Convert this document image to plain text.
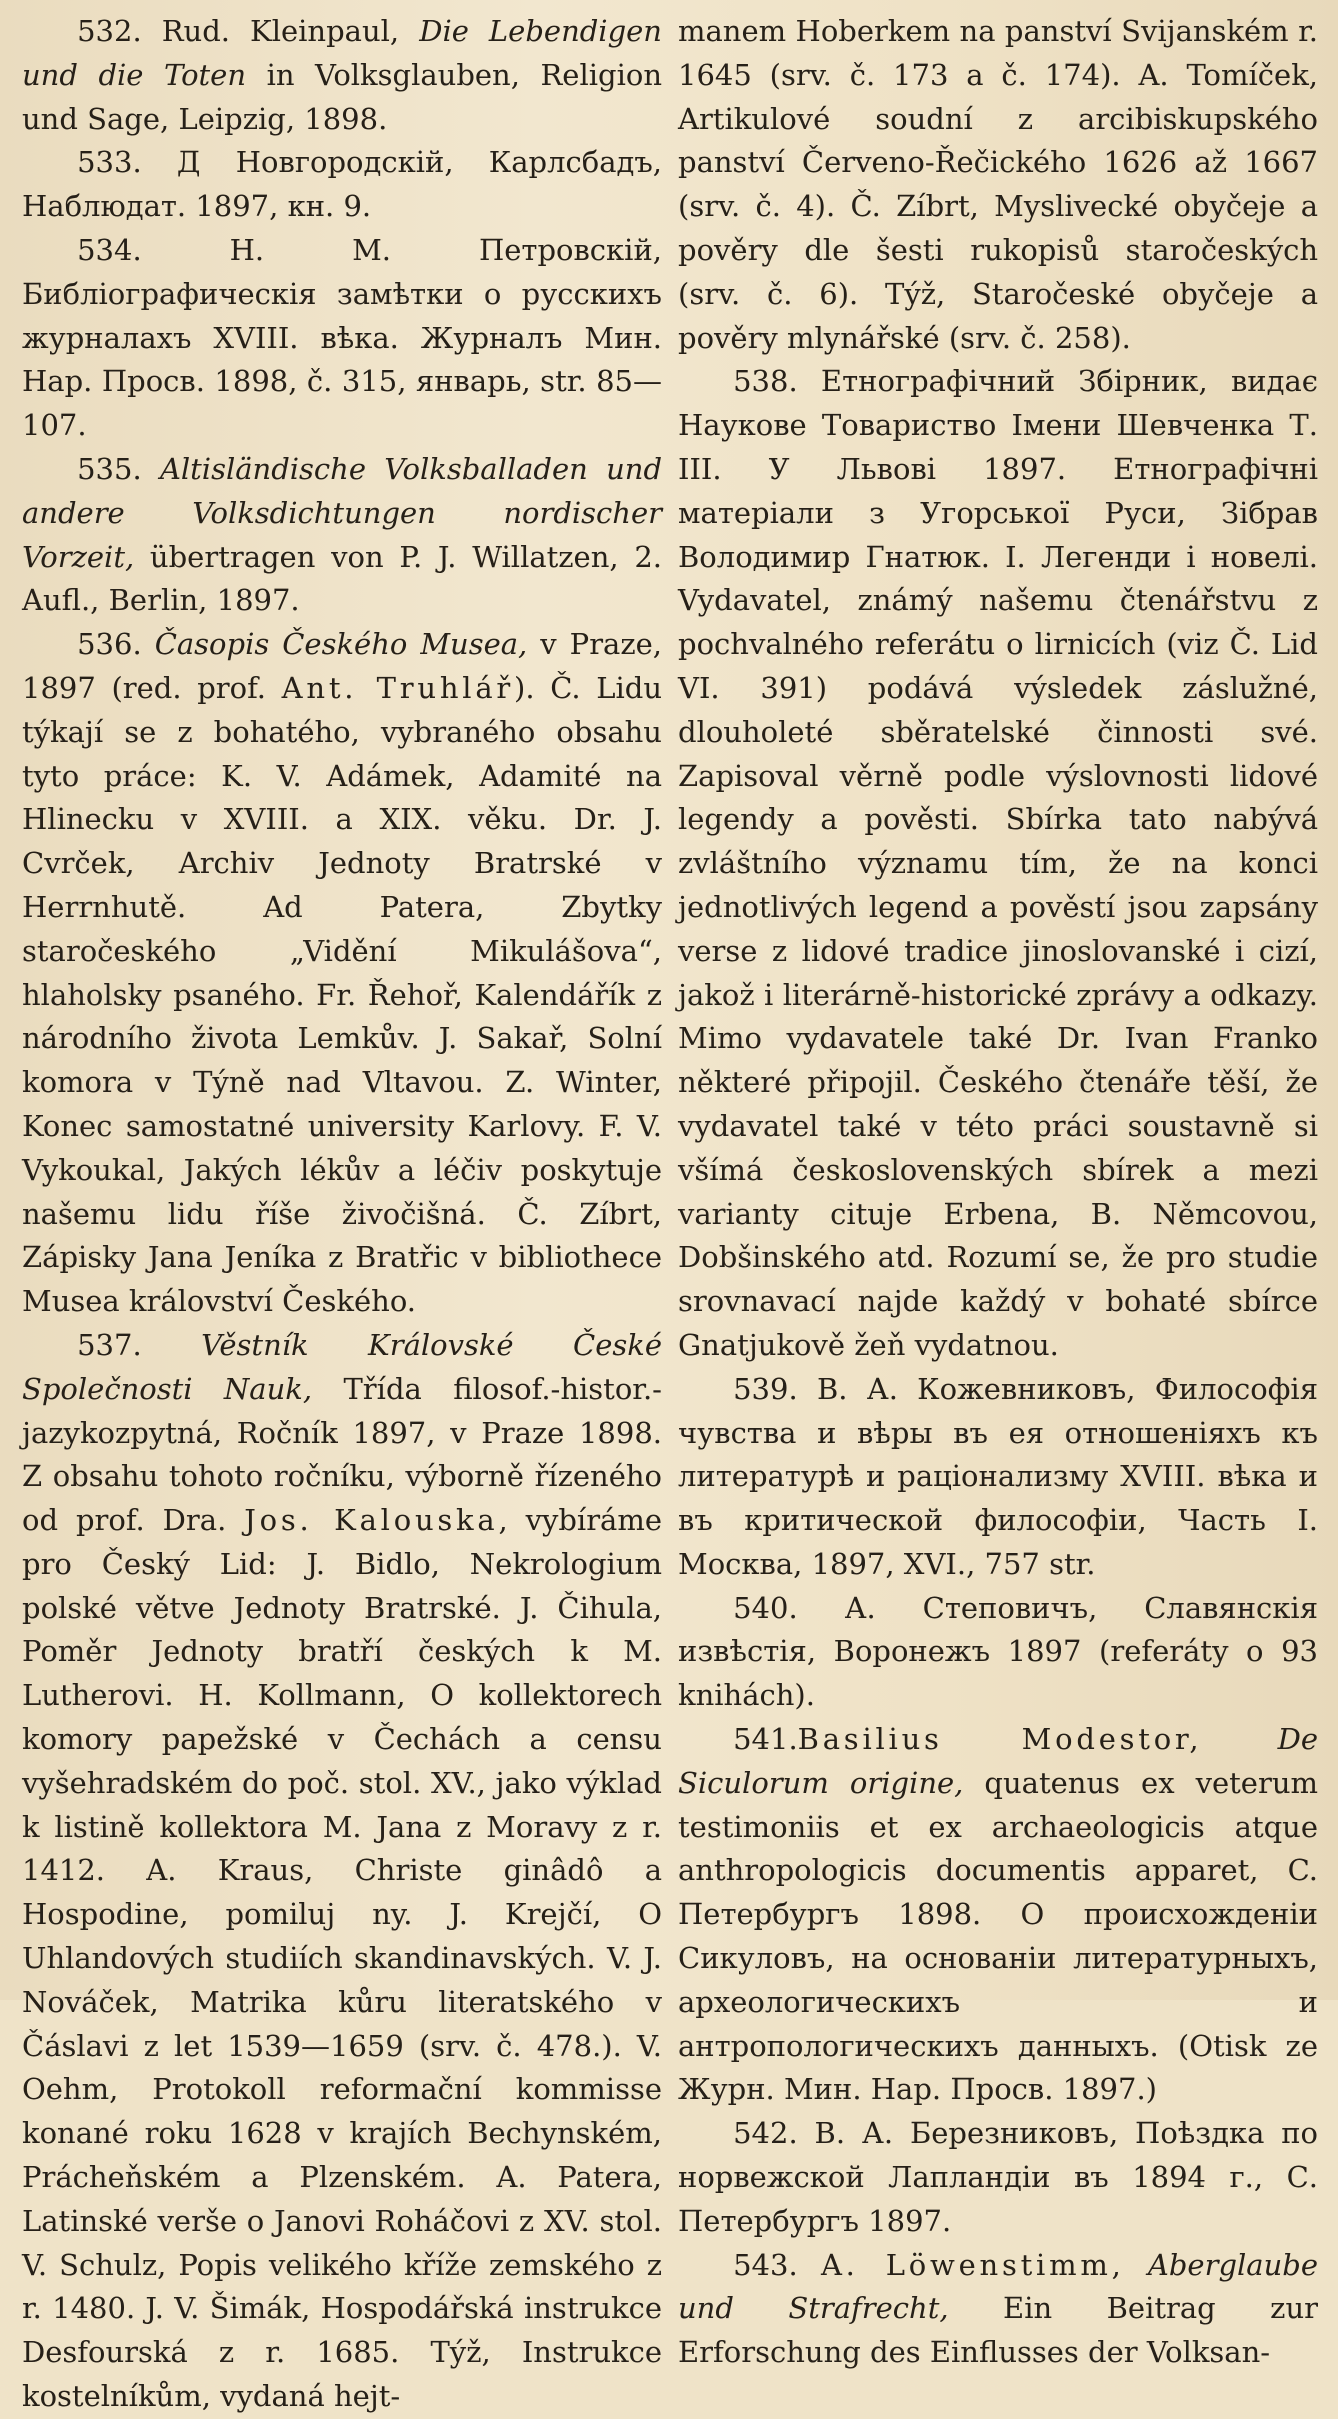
532. Rud. Kleinpaul, Die Lebendigen und die Toten in Volksglauben, Religion und Sage, Leipzig, 1898.

533. Д Новгородскій, Карлсбадъ, Наблюдат. 1897, кн. 9.

534.	Н. М. Петровскій, Библіографическія замѣтки о русскихъ журналахъ XVIII. вѣка. Журналъ Мин. Нар. Просв. 1898, č. 315, январь, str. 85—107.

535. Altisländische Volksballaden und andere Volksdichtungen nordischer Vorzeit, übertragen von P. J. Willatzen, 2. Aufl., Berlin, 1897.

536. Časopis Českého Musea, v Praze, 1897 (red. prof. Ant. Truhlář). Č. Lidu týkají se z bohatého, vybraného obsahu tyto práce: K. V. Adámek, Adamité na Hlinecku v XVIII. a XIX. věku. Dr. J. Cvrček, Archiv Jednoty Bratrské v Herrnhutě. Ad Patera, Zbytky staročeského „Vidění Mikulášova“, hlaholsky psaného. Fr. Řehoř, Kalendářík z národního života Lemkův. J. Sakař, Solní komora v Týně nad Vltavou. Z. Winter, Konec samostatné university Karlovy. F. V. Vykoukal, Jakých lékův a léčiv poskytuje našemu lidu říše živočišná. Č. Zíbrt, Zápisky Jana Jeníka z Bratřic v bibliothece Musea království Českého.

537. Věstník Královské České Společnosti Nauk, Třída filosof.-histor.-jazykozpytná, Ročník 1897, v Praze 1898. Z obsahu tohoto ročníku, výborně řízeného od prof. Dra. Jos. Kalouska, vybíráme pro Český Lid: J. Bidlo, Nekrologium polské větve Jednoty Bratrské. J. Čihula, Poměr Jednoty bratří českých k M. Lutherovi. H. Kollmann, O kollektorech komory papežské v Čechách a censu vyšehradském do poč. stol. XV., jako výklad k listině kollektora M. Jana z Moravy z r. 1412. A. Kraus, Christe ginâdô a Hospodine, pomiluj ny. J. Krejčí, O Uhlandových studiích skandinavských. V. J. Nováček, Matrika kůru literatského v Čáslavi z let 1539—1659 (srv. č. 478.). V. Oehm, Protokoll reformační kommisse konané roku 1628 v krajích Bechynském, Prácheňském a Plzenském. A. Patera, Latinské verše o Janovi Roháčovi z XV. stol. V. Schulz, Popis velikého kříže zemského z r. 1480. J. V. Šimák, Hospodářská instrukce Desfourská z r. 1685. Týž, Instrukce kostelníkům, vydaná hejt-

manem Hoberkem na panství Svijanském r. 1645 (srv. č. 173 a č. 174). A. Tomíček, Artikulové soudní z arcibiskupského panství Červeno-Řečického 1626 až 1667 (srv. č. 4). Č. Zíbrt, Myslivecké obyčeje a pověry dle šesti rukopisů staročeských (srv. č. 6). Týž, Staročeské obyčeje a pověry mlynářské (srv. č. 258).

538. Етнографічний Збірник, видає Наукове Товариство Імени Шевченка Т. III. У Львові 1897. Етнографічні матеріали з Угорської Руси, Зібрав Володимир Гнатюк. I. Легенди і новелі. Vydavatel, známý našemu čtenářstvu z pochvalného referátu o lirnicích (viz Č. Lid VI. 391) podává výsledek záslužné, dlouholeté sběratelské činnosti své. Zapisoval věrně podle výslovnosti lidové legendy a pověsti. Sbírka tato nabývá zvláštního významu tím, že na konci jednotlivých legend a pověstí jsou zapsány verse z lidové tradice jinoslovanské i cizí, jakož i literárně-historické zprávy a odkazy. Mimo vydavatele také Dr. Ivan Franko některé připojil. Českého čtenáře těší, že vydavatel také v této práci soustavně si všímá československých sbírek a mezi varianty cituje Erbena, B. Němcovou, Dobšinského atd. Rozumí se, že pro studie srovnavací najde každý v bohaté sbírce Gnatjukově žeň vydatnou.

539. В. А. Кожевниковъ, Философія чувства и вѣры въ ея отношеніяхъ къ литературѣ и раціонализму XVIII. вѣка и въ критической философіи, Часть I. Москва, 1897, XVI., 757 str.

540. А. Степовичъ, Славянскія извѣстія, Воронежъ 1897 (referáty o 93 knihách).

541.Basilius Modestor,	De Siculorum origine, quatenus ex veterum testimoniis et ex archaeologicis atque anthropologicis documentis apparet, C. Петербургъ 1898. О происхожденіи Сикуловъ, на основаніи литературныхъ, археологическихъ и антропологическихъ данныхъ. (Otisk ze Журн. Мин. Нар. Просв. 1897.)

542. В. А. Березниковъ, Поѣздка по норвежской Лапландіи въ 1894 г., С. Петербургъ 1897.

543. A. Löwenstimm, Aberglaube und Strafrecht, Ein Beitrag zur Erforschung des Einflusses der Volksan-
